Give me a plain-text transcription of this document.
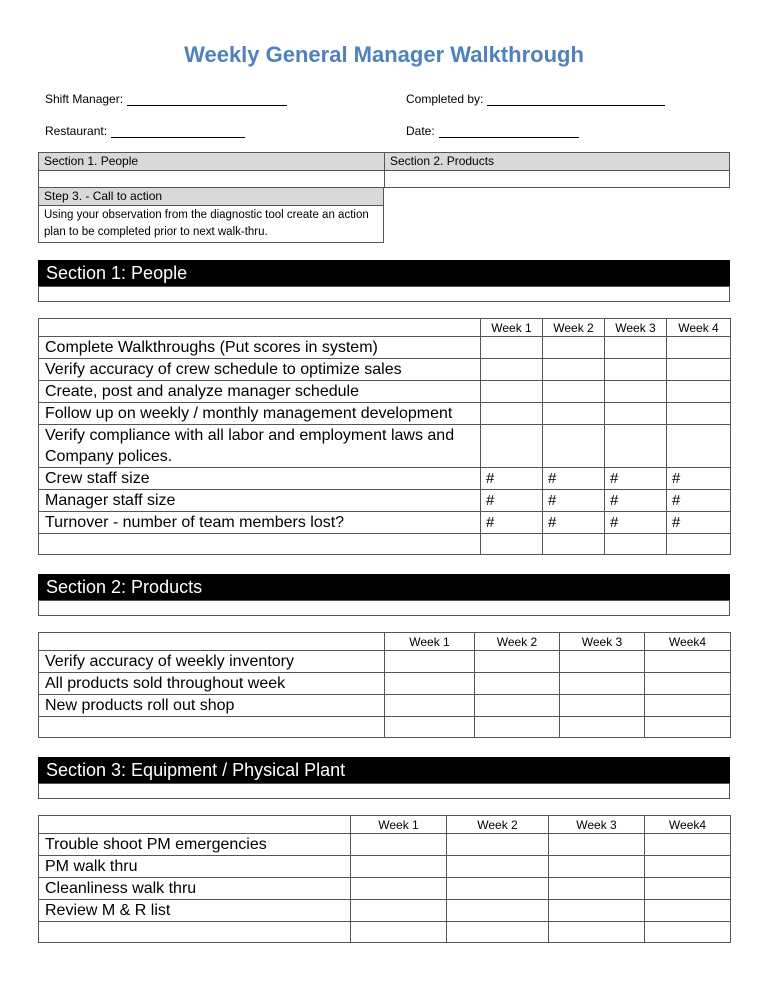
Weekly General Manager Walkthrough
Shift Manager:	Completed by:
Restaurant:	Date:
Section 1. People	Section 2. Products

Step 3. - Call to action
Using your observation from the diagnostic tool create an action plan to be completed prior to next walk-thru.
Section 1: People
	Week 1	Week 2	Week 3	Week 4
Complete Walkthroughs (Put scores in system)				
Verify accuracy of crew schedule to optimize sales				
Create, post and analyze manager schedule				
Follow up on weekly / monthly management development				
Verify compliance with all labor and employment laws and Company polices.				
Crew staff size	#	#	#	#
Manager staff size	#	#	#	#
Turnover - number of team members lost?	#	#	#	#

Section 2: Products
	Week 1	Week 2	Week 3	Week4
Verify accuracy of weekly inventory				
All products sold throughout week				
New products roll out shop				

Section 3: Equipment / Physical Plant
	Week 1	Week 2	Week 3	Week4
Trouble shoot PM emergencies				
PM walk thru				
Cleanliness walk thru				
Review M & R list				
